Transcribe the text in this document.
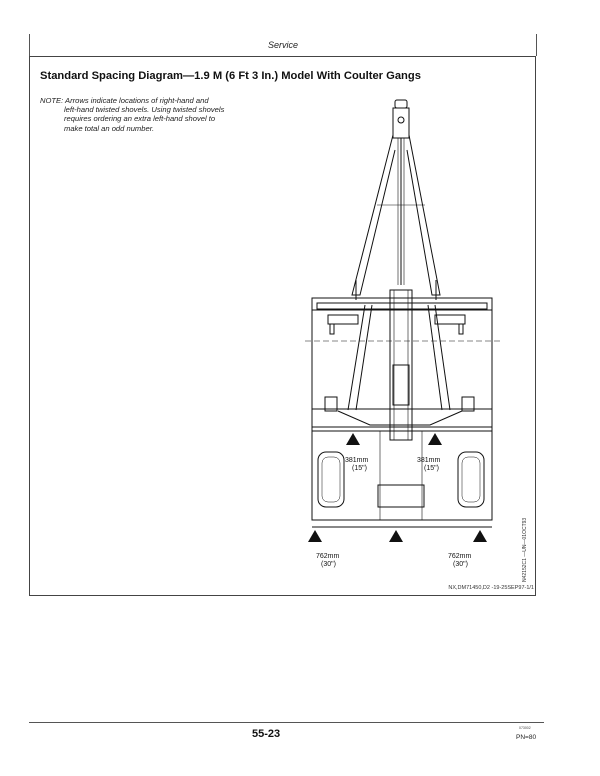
Service
Standard Spacing Diagram—1.9 M (6 Ft 3 In.) Model With Coulter Gangs
NOTE: Arrows indicate locations of right-hand and
left-hand twisted shovels. Using twisted shovels
requires ordering an extra left-hand shovel to
make total an odd number.
381mm
(15")
381mm
(15")
762mm
(30")
762mm
(30")	N42152C1 —UN—01OCT93
NX,DM71450,D2 -19-25SEP97-1/1
55-23	073002
PN=80
